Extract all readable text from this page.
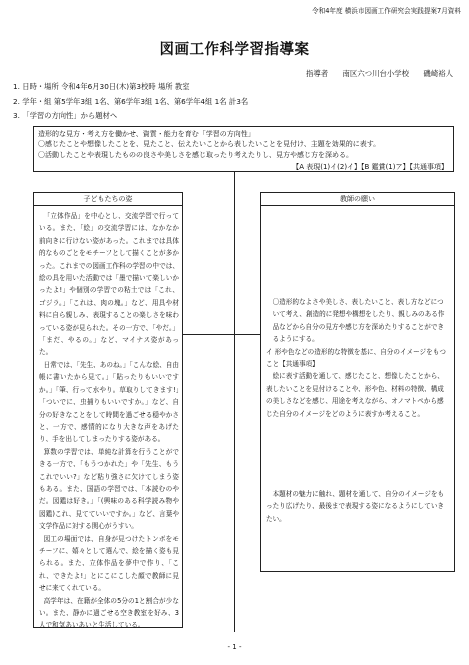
令和4年度 横浜市図画工作研究会実践提案7月資料
図画工作科学習指導案
指導者 南区六つ川台小学校 磯崎裕人
1. 日時・場所 令和4年6月30日(木)第3校時 場所 教室
2. 学年・組 第5学年3組 1名、第6学年3組 1名、第6学年4組 1名 計3名
3. 「学習の方向性」から題材へ
造形的な見方・考え方を働かせ、資質・能力を育む「学習の方向性」
〇感じたことや想像したことを、見たこと、伝えたいことから表したいことを見付け、主題を効果的に表す。
〇活動したことや表現したものの良さや美しさを感じ取ったり考えたりし、見方や感じ方を深める。
【A 表現(1)イ(2)イ】【B 鑑賞(1)ア】【共通事項】
子どもたちの姿

「立体作品」を中心とし、交流学習で行っている。また、「絵」の交流学習には、なかなか前向きに行けない姿があった。これまでは具体的なものごとをモチーフとして描くことが多かった。これまでの図画工作科の学習の中では、絵の具を用いた活動では「墨で描いて楽しいかったよ!」や個別の学習での粘土では「これ、ゴジラ。」「これは、肉の塊。」など、用具や材料に自ら親しみ、表現することの楽しさを味わっている姿が見られた。その一方で、「やだ。」「まだ、やるの。」など、マイナス姿があった。

日常では、「先生、あのね。」「こんな絵、自由帳に書いたから見て。」「貼ったりもいいですか。」「筆、行って水やり。草取りしてきます!」「ついでに、虫捕りもいいですか。」など、自分の好きなことをして時間を過ごせる穏やかさと、一方で、感情的になり大きな声をあげたり、手を出してしまったりする姿がある。

算数の学習では、単純な計算を行うことができる一方で、「もうつかれた」や「先生、もうこれでいい?」など粘り強さに欠けてしまう姿もある。また、国語の学習では、「本読むのやだ。図鑑は好き。」「(興味のある科学読み物や図鑑)これ、見てていいですか。」など、言葉や文学作品に対する関心がうすい。

図工の場面では、自身が見つけたトンボをモチーフに、嬉々として選んで、絵を描く姿も見られる。また、立体作品を夢中で作り、「これ、できたよ!」とにこにこした顔で教師に見せに来てくれている。

高学年は、在籍が全体の5分の1と割合が少ない。また、静かに過ごせる空き教室を好み、3人で和気あいあいと生活している。

教師の願い

〇造形的なよさや美しさ、表したいこと、表し方などについて考え、創造的に発想や構想をしたり、親しみのある作品などから自分の見方や感じ方を深めたりすることができるようにする。

イ 形や色などの造形的な特徴を基に、自分のイメージをもつこと【共通事項】

絵に表す活動を通して、感じたこと、想像したことから、表したいことを見付けることや、形や色、材料の特徴、構成の美しさなどを感じ、用途を考えながら、オノマトペから感じた自分のイメージをどのように表すか考えること。

本題材の魅力に触れ、題材を通して、自分のイメージをもったり広げたり、最後まで表現する姿になるようにしていきたい。

- 1 -
